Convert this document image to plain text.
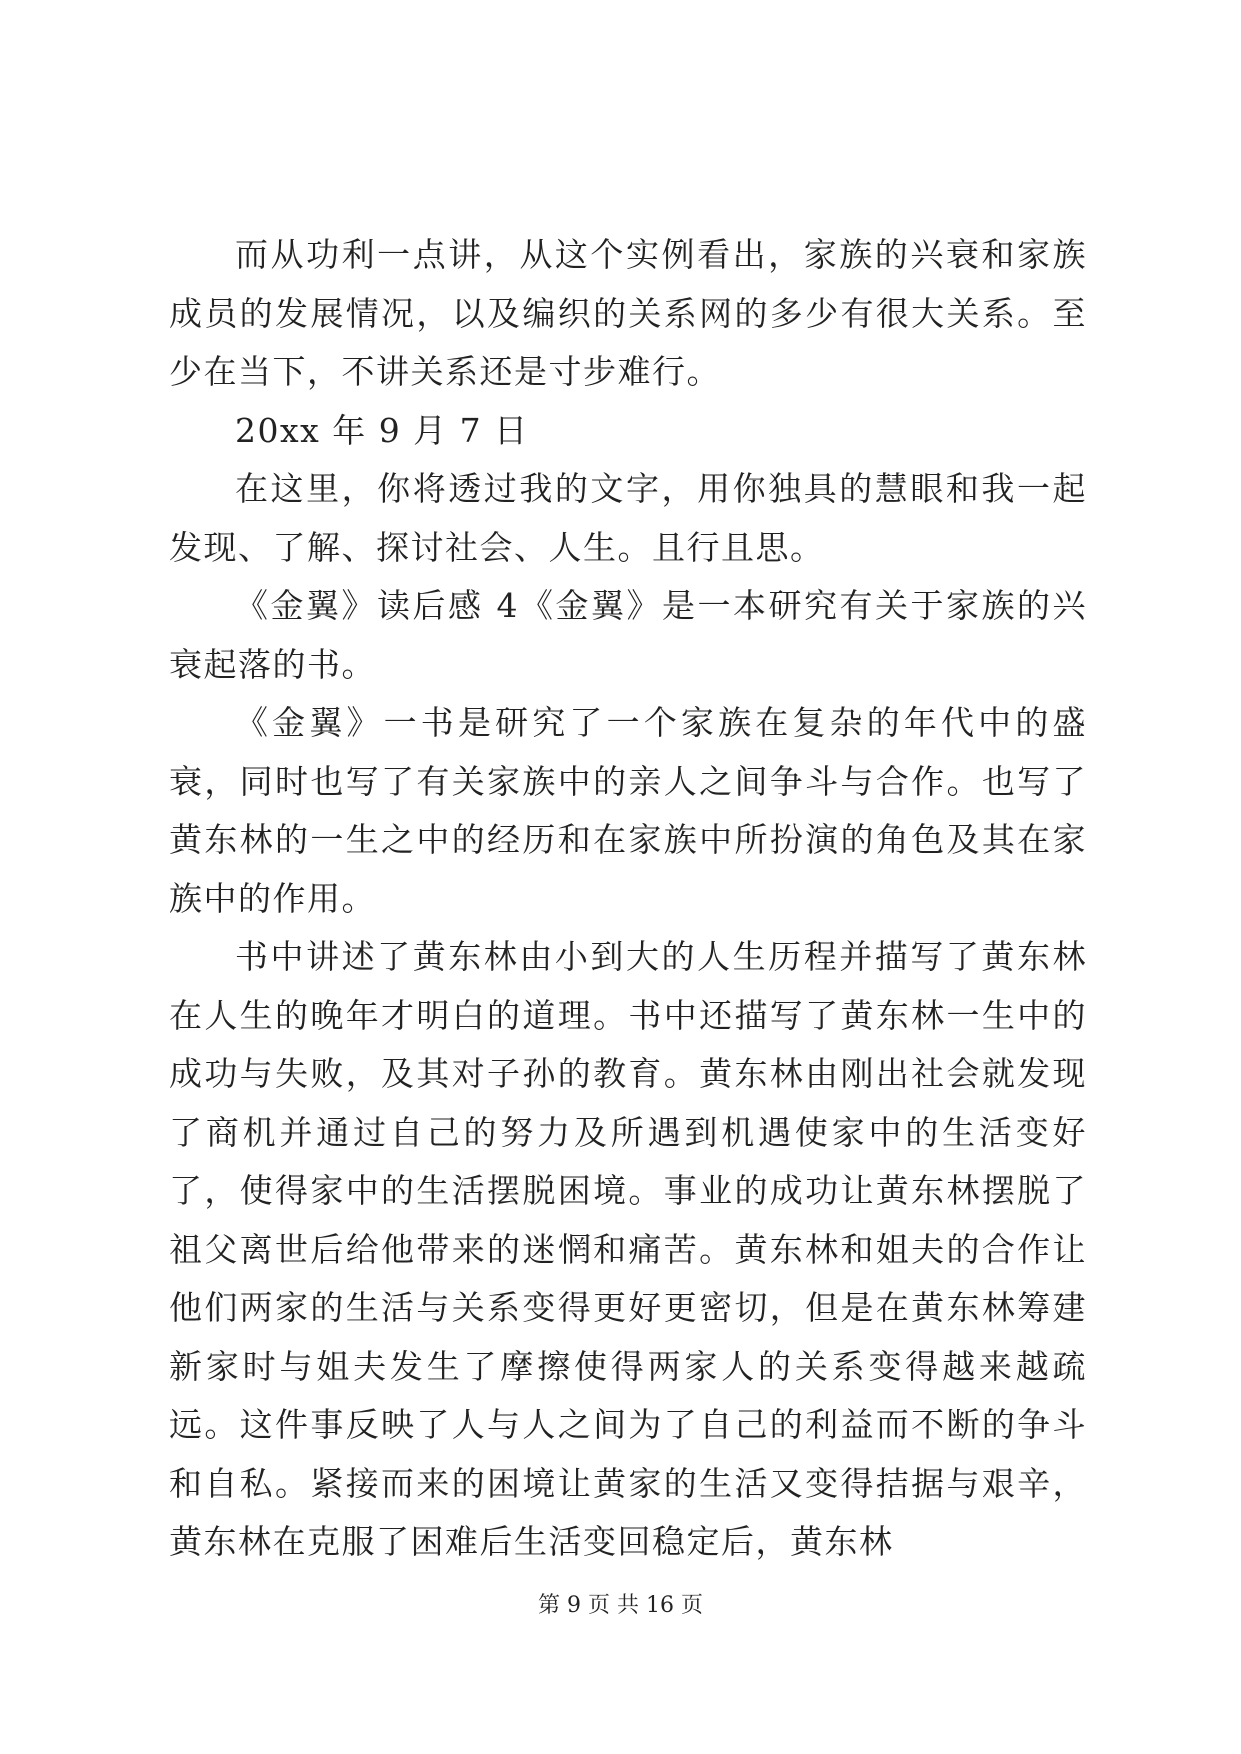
而从功利一点讲，从这个实例看出，家族的兴衰和家族成员的发展情况，以及编织的关系网的多少有很大关系。至少在当下，不讲关系还是寸步难行。

20xx 年 9 月 7 日

在这里，你将透过我的文字，用你独具的慧眼和我一起发现、了解、探讨社会、人生。且行且思。

《金翼》读后感 4《金翼》是一本研究有关于家族的兴衰起落的书。

《金翼》一书是研究了一个家族在复杂的年代中的盛衰，同时也写了有关家族中的亲人之间争斗与合作。也写了黄东林的一生之中的经历和在家族中所扮演的角色及其在家族中的作用。

书中讲述了黄东林由小到大的人生历程并描写了黄东林在人生的晚年才明白的道理。书中还描写了黄东林一生中的成功与失败，及其对子孙的教育。黄东林由刚出社会就发现了商机并通过自己的努力及所遇到机遇使家中的生活变好了，使得家中的生活摆脱困境。事业的成功让黄东林摆脱了祖父离世后给他带来的迷惘和痛苦。黄东林和姐夫的合作让他们两家的生活与关系变得更好更密切，但是在黄东林筹建新家时与姐夫发生了摩擦使得两家人的关系变得越来越疏远。这件事反映了人与人之间为了自己的利益而不断的争斗和自私。紧接而来的困境让黄家的生活又变得拮据与艰辛，黄东林在克服了困难后生活变回稳定后，黄东林

第 9 页 共 16 页
